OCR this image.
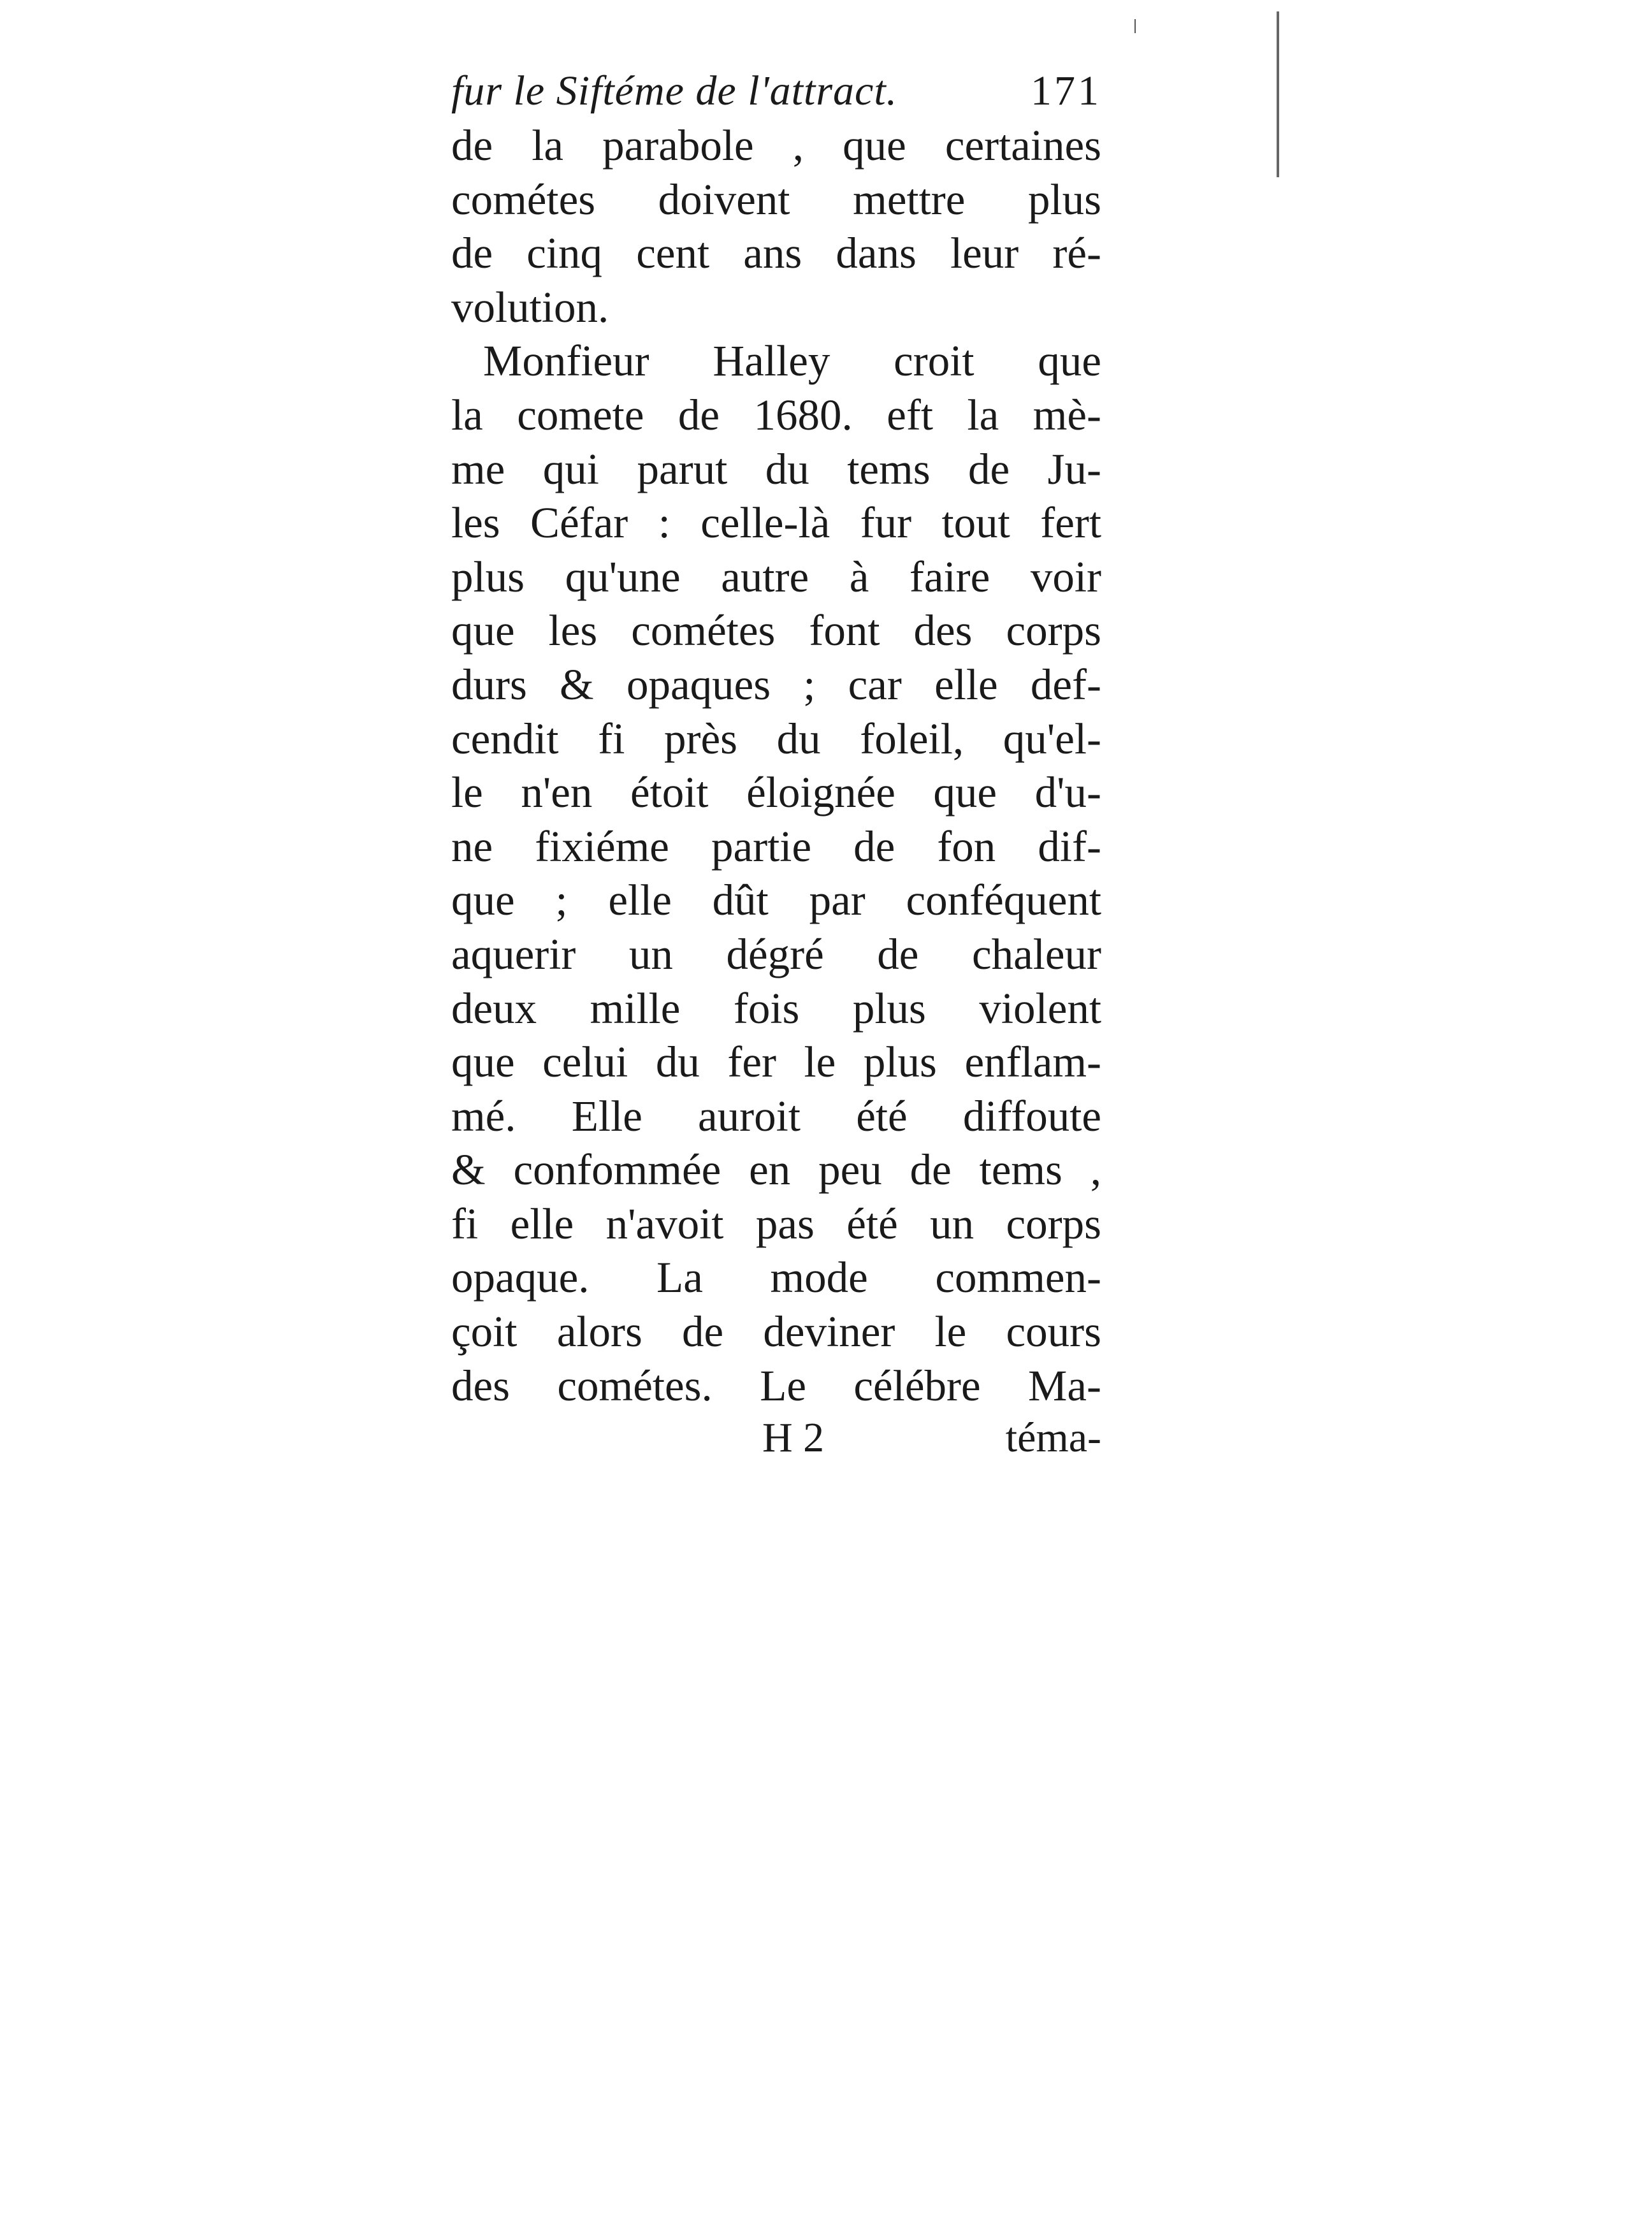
fur le Siftéme de l'attract.	171
de la parabole , que certaines
cométes doivent mettre plus
de cinq cent ans dans leur ré-
volution.
Monfieur Halley croit que
la comete de 1680. eft la mè-
me qui parut du tems de Ju-
les Céfar : celle-là fur tout fert
plus qu'une autre à faire voir
que les cométes font des corps
durs & opaques ; car elle def-
cendit fi près du foleil, qu'el-
le n'en étoit éloignée que d'u-
ne fixiéme partie de fon dif-
que ; elle dût par conféquent
aquerir un dégré de chaleur
deux mille fois plus violent
que celui du fer le plus enflam-
mé. Elle auroit été diffoute
& confommée en peu de tems ,
fi elle n'avoit pas été un corps
opaque. La mode commen-
çoit alors de deviner le cours
des cométes. Le célébre Ma-
H 2	téma-
